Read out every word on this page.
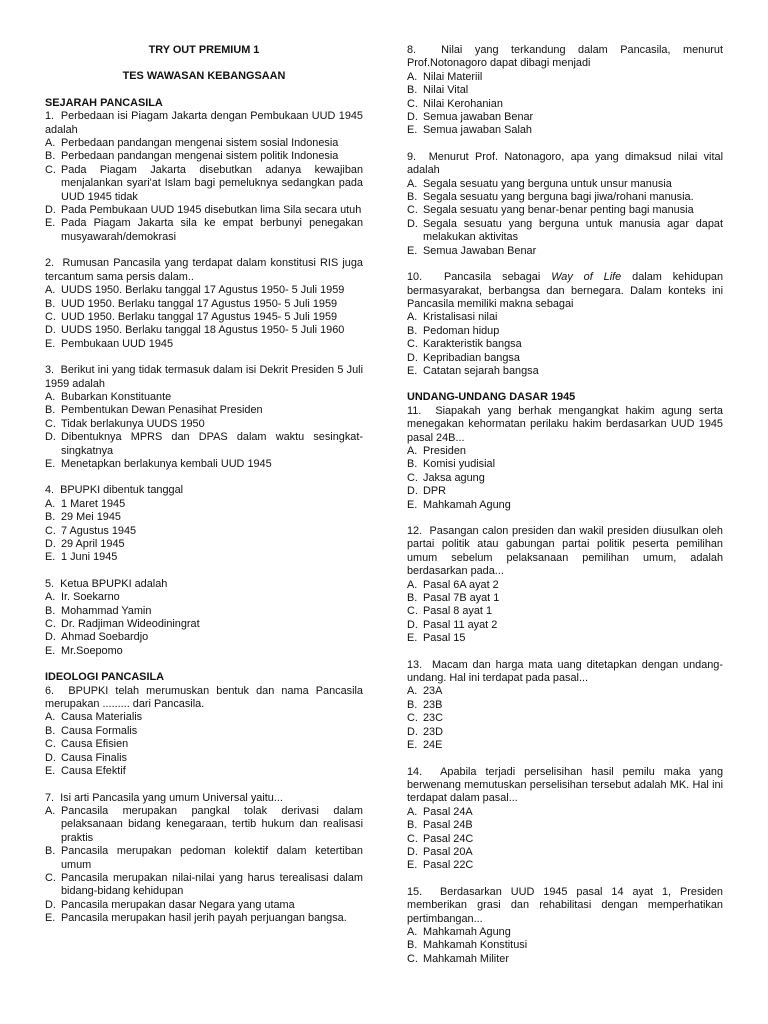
TRY OUT PREMIUM 1
TES WAWASAN KEBANGSAAN
SEJARAH PANCASILA

1. Perbedaan isi Piagam Jakarta dengan Pembukaan UUD 1945 adalah

A. Perbedaan pandangan mengenai sistem sosial Indonesia
B. Perbedaan pandangan mengenai sistem politik Indonesia
C. Pada Piagam Jakarta disebutkan adanya kewajiban menjalankan syari'at Islam bagi pemeluknya sedangkan pada UUD 1945 tidak
D. Pada Pembukaan UUD 1945 disebutkan lima Sila secara utuh
E. Pada Piagam Jakarta sila ke empat berbunyi penegakan musyawarah/demokrasi

2. Rumusan Pancasila yang terdapat dalam konstitusi RIS juga tercantum sama persis dalam..

A. UUDS 1950. Berlaku tanggal 17 Agustus 1950- 5 Juli 1959
B. UUD 1950. Berlaku tanggal 17 Agustus 1950- 5 Juli 1959
C. UUD 1950. Berlaku tanggal 17 Agustus 1945- 5 Juli 1959
D. UUDS 1950. Berlaku tanggal 18 Agustus 1950- 5 Juli 1960
E. Pembukaan UUD 1945

3. Berikut ini yang tidak termasuk dalam isi Dekrit Presiden 5 Juli 1959 adalah

A. Bubarkan Konstituante
B. Pembentukan Dewan Penasihat Presiden
C. Tidak berlakunya UUDS 1950
D. Dibentuknya MPRS dan DPAS dalam waktu sesingkat-singkatnya
E. Menetapkan berlakunya kembali UUD 1945

4. BPUPKI dibentuk tanggal

A. 1 Maret 1945
B. 29 Mei 1945
C. 7 Agustus 1945
D. 29 April 1945
E. 1 Juni 1945

5. Ketua BPUPKI adalah

A. Ir. Soekarno
B. Mohammad Yamin
C. Dr. Radjiman Wideodiningrat
D. Ahmad Soebardjo
E. Mr.Soepomo
IDEOLOGI PANCASILA

6. BPUPKI telah merumuskan bentuk dan nama Pancasila merupakan ......... dari Pancasila.

A. Causa Materialis
B. Causa Formalis
C. Causa Efisien
D. Causa Finalis
E. Causa Efektif

7. Isi arti Pancasila yang umum Universal yaitu...

A. Pancasila merupakan pangkal tolak derivasi dalam pelaksanaan bidang kenegaraan, tertib hukum dan realisasi praktis
B. Pancasila merupakan pedoman kolektif dalam ketertiban umum
C. Pancasila merupakan nilai-nilai yang harus terealisasi dalam bidang-bidang kehidupan
D. Pancasila merupakan dasar Negara yang utama
E. Pancasila merupakan hasil jerih payah perjuangan bangsa.

8. Nilai yang terkandung dalam Pancasila, menurut Prof.Notonagoro dapat dibagi menjadi

A. Nilai Materiil
B. Nilai Vital
C. Nilai Kerohanian
D. Semua jawaban Benar
E. Semua jawaban Salah

9. Menurut Prof. Natonagoro, apa yang dimaksud nilai vital adalah

A. Segala sesuatu yang berguna untuk unsur manusia
B. Segala sesuatu yang berguna bagi jiwa/rohani manusia.
C. Segala sesuatu yang benar-benar penting bagi manusia
D. Segala sesuatu yang berguna untuk manusia agar dapat melakukan aktivitas
E. Semua Jawaban Benar

10. Pancasila sebagai Way of Life dalam kehidupan bermasyarakat, berbangsa dan bernegara. Dalam konteks ini Pancasila memiliki makna sebagai

A. Kristalisasi nilai
B. Pedoman hidup
C. Karakteristik bangsa
D. Kepribadian bangsa
E. Catatan sejarah bangsa
UNDANG-UNDANG DASAR 1945

11. Siapakah yang berhak mengangkat hakim agung serta menegakan kehormatan perilaku hakim berdasarkan UUD 1945 pasal 24B...

A. Presiden
B. Komisi yudisial
C. Jaksa agung
D. DPR
E. Mahkamah Agung

12. Pasangan calon presiden dan wakil presiden diusulkan oleh partai politik atau gabungan partai politik peserta pemilihan umum sebelum pelaksanaan pemilihan umum, adalah berdasarkan pada...

A. Pasal 6A ayat 2
B. Pasal 7B ayat 1
C. Pasal 8 ayat 1
D. Pasal 11 ayat 2
E. Pasal 15

13. Macam dan harga mata uang ditetapkan dengan undang-undang. Hal ini terdapat pada pasal...

A. 23A
B. 23B
C. 23C
D. 23D
E. 24E

14. Apabila terjadi perselisihan hasil pemilu maka yang berwenang memutuskan perselisihan tersebut adalah MK. Hal ini terdapat dalam pasal...

A. Pasal 24A
B. Pasal 24B
C. Pasal 24C
D. Pasal 20A
E. Pasal 22C

15. Berdasarkan UUD 1945 pasal 14 ayat 1, Presiden memberikan grasi dan rehabilitasi dengan memperhatikan pertimbangan...

A. Mahkamah Agung
B. Mahkamah Konstitusi
C. Mahkamah Militer
